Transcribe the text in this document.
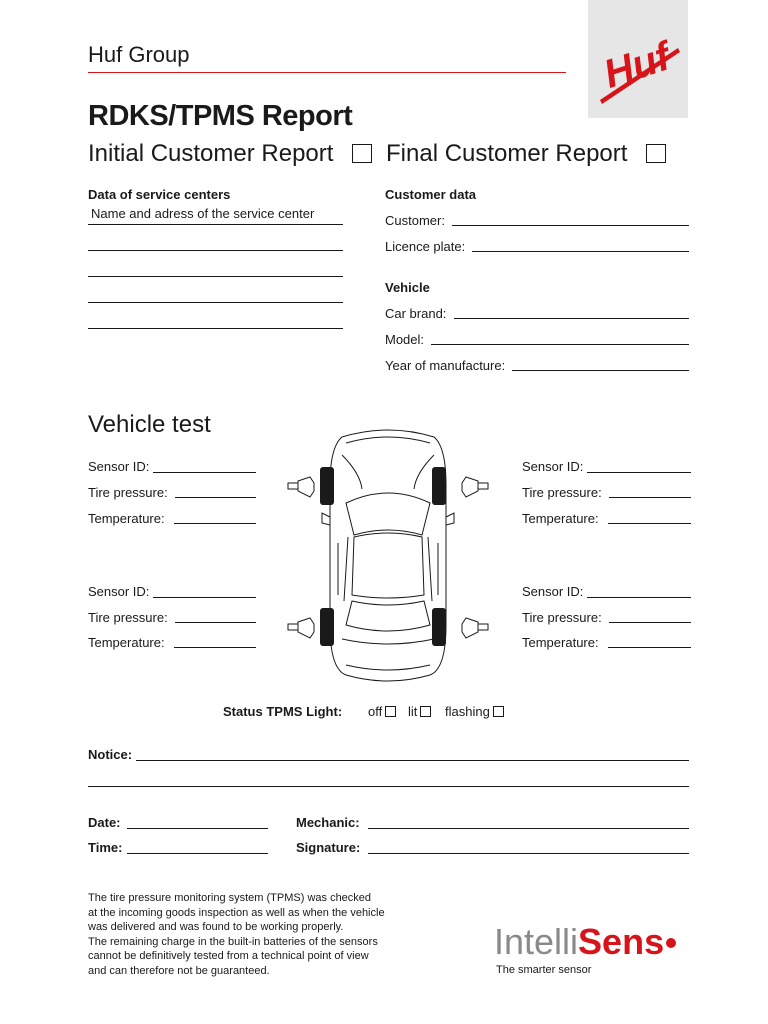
Huf Group	Huf
RDKS/TPMS Report
Initial Customer Report	Final Customer Report
Data of service centers
Name and adress of the service center
Customer data
Customer:
Licence plate:
Vehicle
Car brand:
Model:
Year of manufacture:
Vehicle test
Sensor ID:
Tire pressure:
Temperature:
Sensor ID:
Tire pressure:
Temperature:
Sensor ID:
Tire pressure:
Temperature:
Sensor ID:
Tire pressure:
Temperature:
Status TPMS Light: off	lit	flashing
Notice:
Date:
Time:
Mechanic:
Signature:
The tire pressure monitoring system (TPMS) was checked
at the incoming goods inspection as well as when the vehicle
was delivered and was found to be working properly.
The remaining charge in the built-in batteries of the sensors
cannot be definitively tested from a technical point of view
and can therefore not be guaranteed.
IntelliSens
The smarter sensor
